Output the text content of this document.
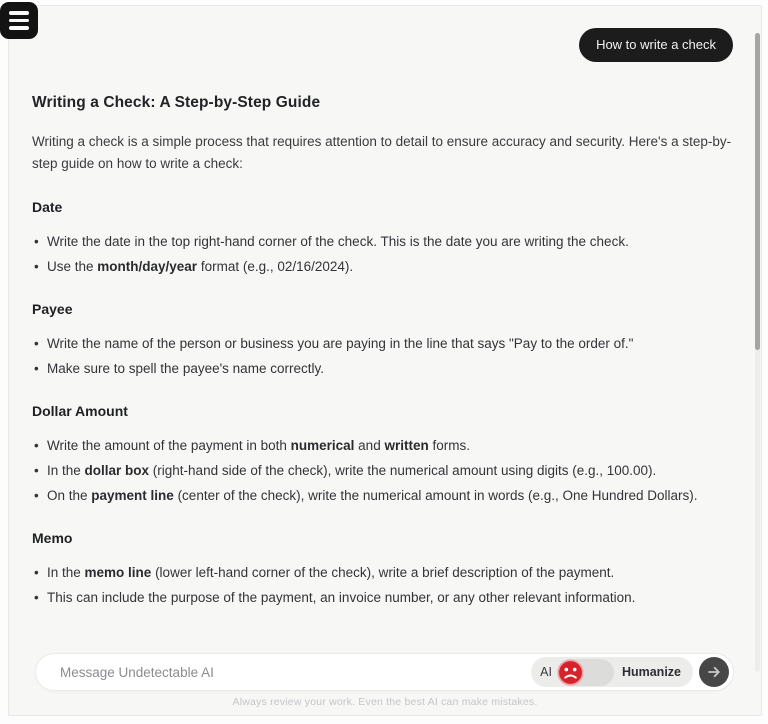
How to write a check
Writing a Check: A Step-by-Step Guide

Writing a check is a simple process that requires attention to detail to ensure accuracy and security. Here's a step-by-step guide on how to write a check:

Date
• Write the date in the top right-hand corner of the check. This is the date you are writing the check.
• Use the month/day/year format (e.g., 02/16/2024).
Payee
• Write the name of the person or business you are paying in the line that says "Pay to the order of."
• Make sure to spell the payee's name correctly.
Dollar Amount
• Write the amount of the payment in both numerical and written forms.
• In the dollar box (right-hand side of the check), write the numerical amount using digits (e.g., 100.00).
• On the payment line (center of the check), write the numerical amount in words (e.g., One Hundred Dollars).
Memo
• In the memo line (lower left-hand corner of the check), write a brief description of the payment.
• This can include the purpose of the payment, an invoice number, or any other relevant information.
Message Undetectable AI
AI	Humanize
Always review your work. Even the best AI can make mistakes.
